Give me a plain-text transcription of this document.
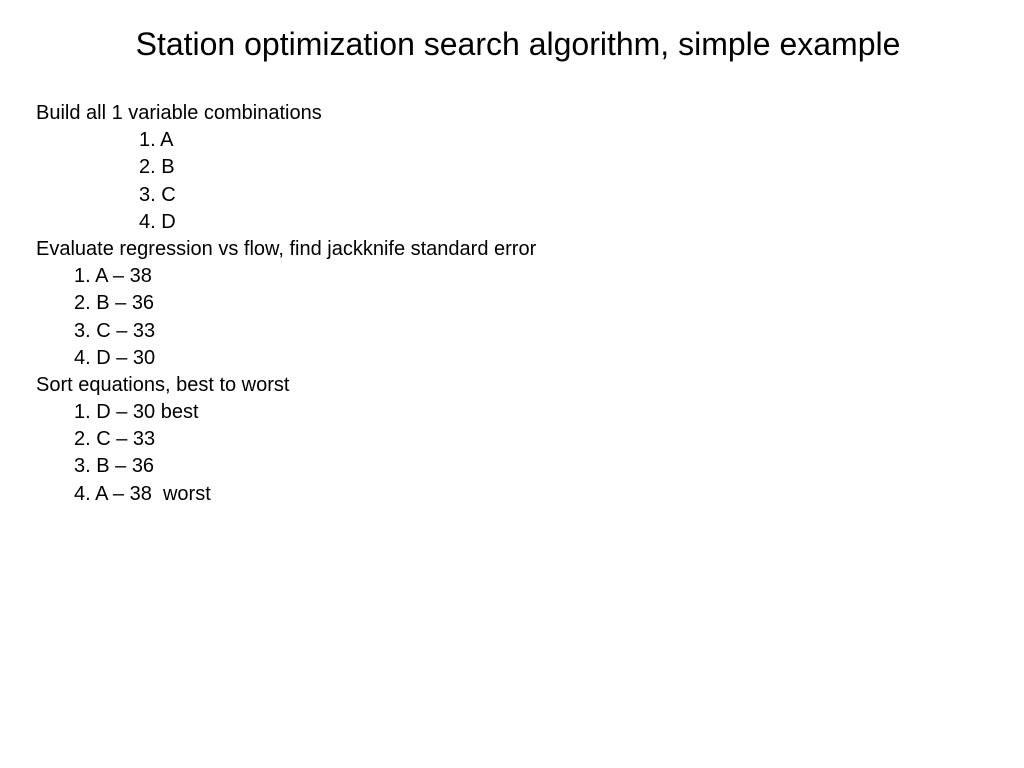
Station optimization search algorithm, simple example
Build all 1 variable combinations
1. A
2. B
3. C
4. D
Evaluate regression vs flow, find jackknife standard error
1. A – 38
2. B – 36
3. C – 33
4. D – 30
Sort equations, best to worst
1. D – 30 best
2. C – 33
3. B – 36
4. A – 38  worst
